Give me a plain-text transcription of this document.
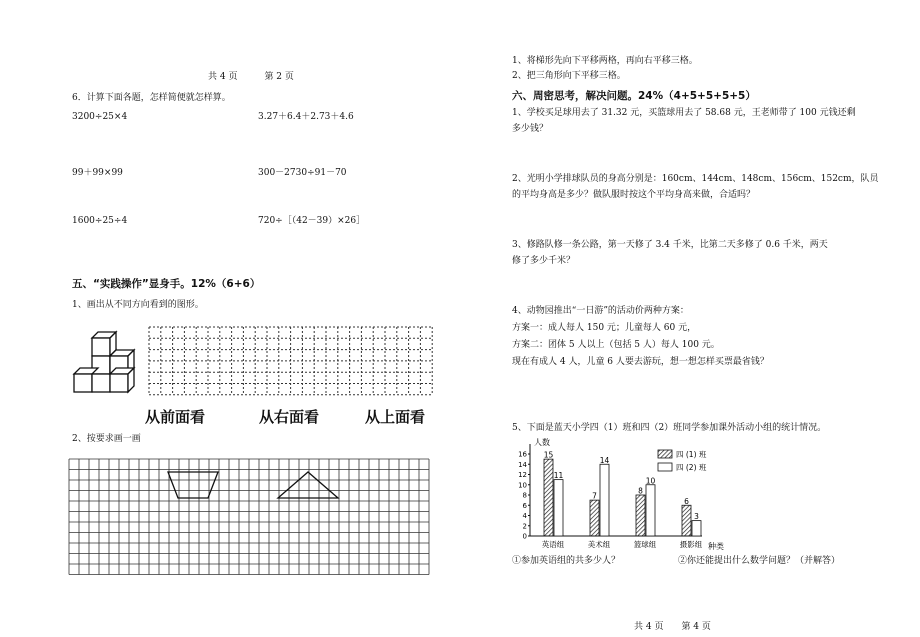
共 4 页　　　第 2 页
6．计算下面各题，怎样简便就怎样算。
3200÷25×4	3.27＋6.4＋2.73＋4.6
99＋99×99	300－2730÷91－70
1600÷25÷4	720÷［（42－39）×26］
五、“实践操作”显身手。12%（6+6）
1、画出从不同方向看到的图形。
从前面看	从右面看	从上面看
2、按要求画一画
1、将梯形先向下平移两格，再向右平移三格。
2、把三角形向下平移三格。
六、周密思考，解决问题。24%（4+5+5+5+5）
1、学校买足球用去了 31.32 元，买篮球用去了 58.68 元，王老师带了 100 元钱还剩
多少钱？
2、光明小学排球队员的身高分别是：160cm、144cm、148cm、156cm、152cm，队员
的平均身高是多少？做队服时按这个平均身高来做，合适吗？
3、修路队修一条公路，第一天修了 3.4 千米，比第二天多修了 0.6 千米，两天
修了多少千米？
4、动物园推出“一日游”的活动价两种方案：
方案一：成人每人 150 元；儿童每人 60 元，
方案二：团体 5 人以上（包括 5 人）每人 100 元。
现在有成人 4 人，儿童 6 人要去游玩，想一想怎样买票最省钱？
5、下面是蓝天小学四（1）班和四（2）班同学参加课外活动小组的统计情况。
人数
种类
0
2
4
6
8
10
12
14
16 15
11
7
14
8
10
6
3
英语组	美术组	篮球组	摄影组
四 (1) 班
四 (2) 班
①参加英语组的共多少人？	②你还能提出什么数学问题？（并解答）
共 4 页　　第 4 页
